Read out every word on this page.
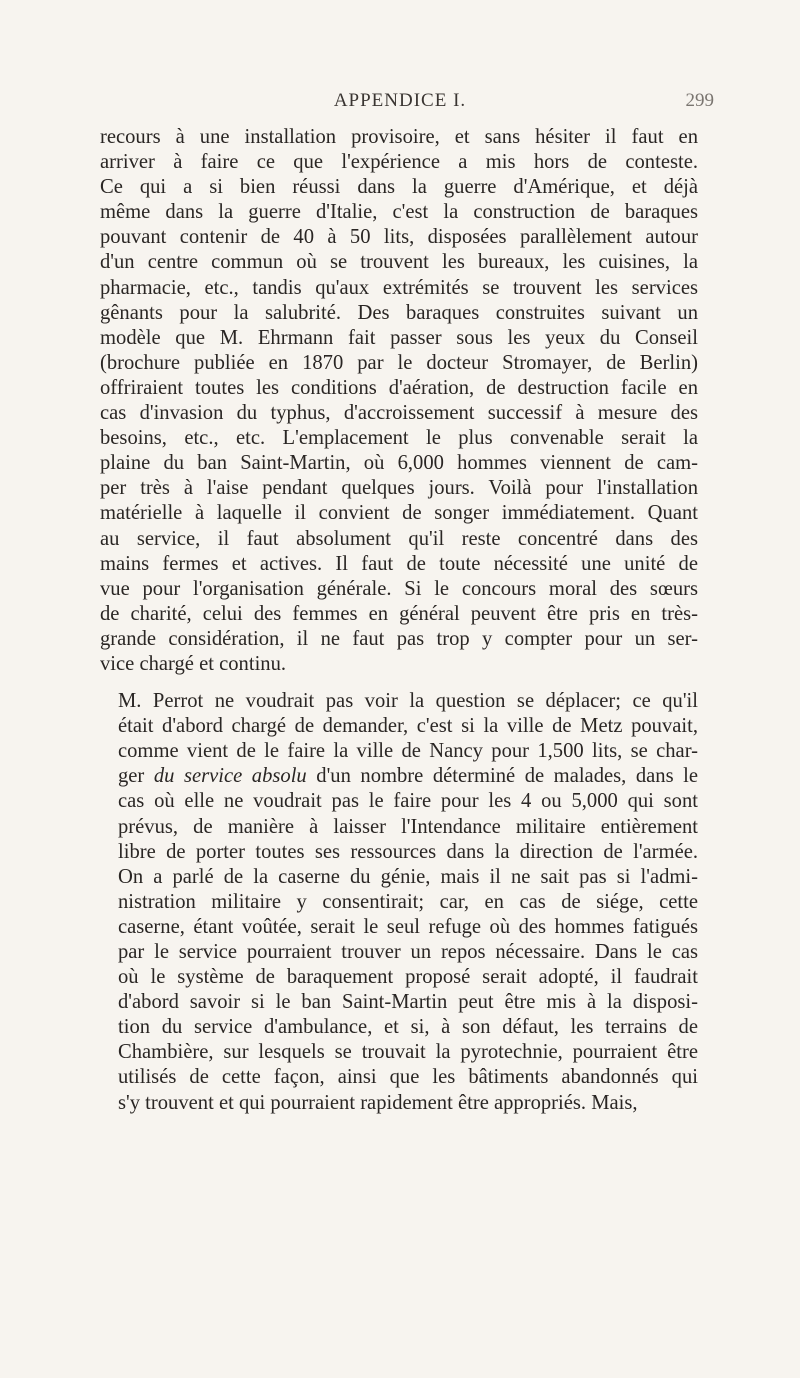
APPENDICE I.	299
recours à une installation provisoire, et sans hésiter il faut en
arriver à faire ce que l'expérience a mis hors de conteste.
Ce qui a si bien réussi dans la guerre d'Amérique, et déjà
même dans la guerre d'Italie, c'est la construction de baraques
pouvant contenir de 40 à 50 lits, disposées parallèlement autour
d'un centre commun où se trouvent les bureaux, les cuisines, la
pharmacie, etc., tandis qu'aux extrémités se trouvent les services
gênants pour la salubrité. Des baraques construites suivant un
modèle que M. Ehrmann fait passer sous les yeux du Conseil
(brochure publiée en 1870 par le docteur Stromayer, de Berlin)
offriraient toutes les conditions d'aération, de destruction facile en
cas d'invasion du typhus, d'accroissement successif à mesure des
besoins, etc., etc. L'emplacement le plus convenable serait la
plaine du ban Saint-Martin, où 6,000 hommes viennent de cam-
per très à l'aise pendant quelques jours. Voilà pour l'installation
matérielle à laquelle il convient de songer immédiatement. Quant
au service, il faut absolument qu'il reste concentré dans des
mains fermes et actives. Il faut de toute nécessité une unité de
vue pour l'organisation générale. Si le concours moral des sœurs
de charité, celui des femmes en général peuvent être pris en très-
grande considération, il ne faut pas trop y compter pour un ser-
vice chargé et continu.
M. Perrot ne voudrait pas voir la question se déplacer; ce qu'il
était d'abord chargé de demander, c'est si la ville de Metz pouvait,
comme vient de le faire la ville de Nancy pour 1,500 lits, se char-
ger du service absolu d'un nombre déterminé de malades, dans le
cas où elle ne voudrait pas le faire pour les 4 ou 5,000 qui sont
prévus, de manière à laisser l'Intendance militaire entièrement
libre de porter toutes ses ressources dans la direction de l'armée.
On a parlé de la caserne du génie, mais il ne sait pas si l'admi-
nistration militaire y consentirait; car, en cas de siége, cette
caserne, étant voûtée, serait le seul refuge où des hommes fatigués
par le service pourraient trouver un repos nécessaire. Dans le cas
où le système de baraquement proposé serait adopté, il faudrait
d'abord savoir si le ban Saint-Martin peut être mis à la disposi-
tion du service d'ambulance, et si, à son défaut, les terrains de
Chambière, sur lesquels se trouvait la pyrotechnie, pourraient être
utilisés de cette façon, ainsi que les bâtiments abandonnés qui
s'y trouvent et qui pourraient rapidement être appropriés. Mais,
